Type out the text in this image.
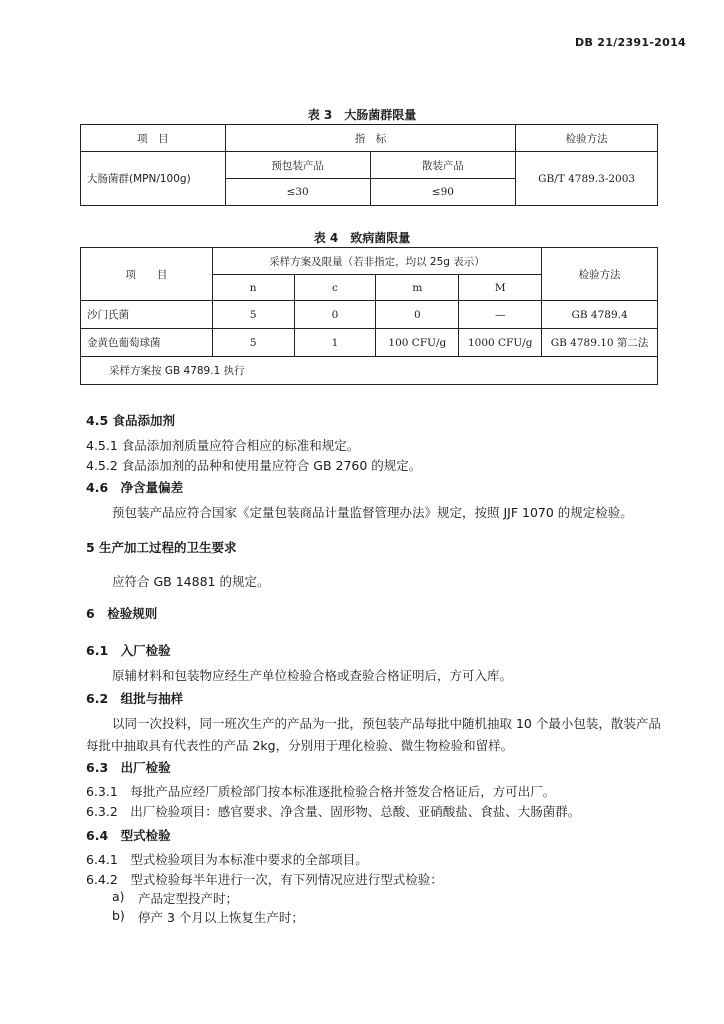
DB 21/2391-2014
表 3　大肠菌群限量
项　目	指　标		检验方法
大肠菌群(MPN/100g)	预包装产品	散装产品	GB/T 4789.3-2003
	≤30	≤90	
表 4　致病菌限量
项　　目	采样方案及限量（若非指定，均以 25g 表示）				检验方法
	n	c	m	M	
沙门氏菌	5	0	0	—	GB 4789.4
金黄色葡萄球菌	5	1	100 CFU/g	1000 CFU/g	GB 4789.10 第二法
采样方案按 GB 4789.1 执行					
4.5 食品添加剂
4.5.1 食品添加剂质量应符合相应的标准和规定。
4.5.2 食品添加剂的品种和使用量应符合 GB 2760 的规定。
4.6　净含量偏差
预包装产品应符合国家《定量包装商品计量监督管理办法》规定，按照 JJF 1070 的规定检验。
5 生产加工过程的卫生要求
应符合 GB 14881 的规定。
6　检验规则
6.1　入厂检验
原辅材料和包装物应经生产单位检验合格或查验合格证明后，方可入库。
6.2　组批与抽样
以同一次投料，同一班次生产的产品为一批，预包装产品每批中随机抽取 10 个最小包装，散装产品
每批中抽取具有代表性的产品 2kg，分别用于理化检验、微生物检验和留样。
6.3　出厂检验
6.3.1　每批产品应经厂质检部门按本标准逐批检验合格并签发合格证后，方可出厂。
6.3.2　出厂检验项目：感官要求、净含量、固形物、总酸、亚硝酸盐、食盐、大肠菌群。
6.4　型式检验
6.4.1　型式检验项目为本标准中要求的全部项目。
6.4.2　型式检验每半年进行一次，有下列情况应进行型式检验：
a) 产品定型投产时；
b) 停产 3 个月以上恢复生产时；
